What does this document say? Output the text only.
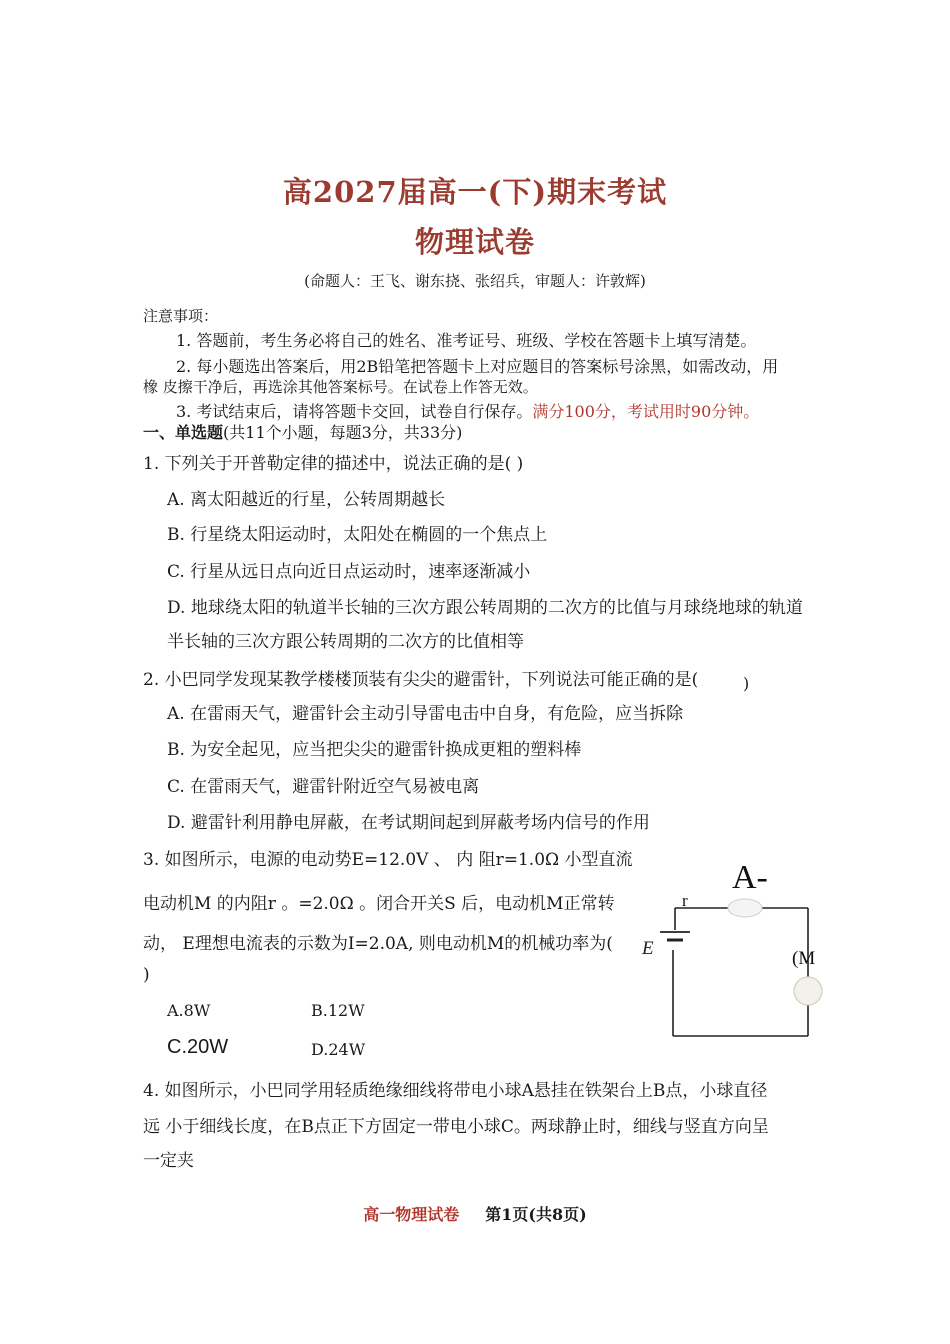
高2027届高一(下)期末考试
物理试卷
(命题人：王飞、谢东挠、张绍兵，审题人：许敦辉)
注意事项：
1. 答题前，考生务必将自己的姓名、准考证号、班级、学校在答题卡上填写清楚。
2. 每小题选出答案后，用2B铅笔把答题卡上对应题目的答案标号涂黑，如需改动，用
橡 皮擦干净后，再选涂其他答案标号。在试卷上作答无效。
3. 考试结束后，请将答题卡交回，试卷自行保存。满分100分，考试用时90分钟。
一、单选题(共11个小题，每题3分，共33分)
1. 下列关于开普勒定律的描述中，说法正确的是( )
A. 离太阳越近的行星，公转周期越长
B. 行星绕太阳运动时，太阳处在椭圆的一个焦点上
C. 行星从远日点向近日点运动时，速率逐渐减小
D. 地球绕太阳的轨道半长轴的三次方跟公转周期的二次方的比值与月球绕地球的轨道
半长轴的三次方跟公转周期的二次方的比值相等
2. 小巴同学发现某教学楼楼顶装有尖尖的避雷针，下列说法可能正确的是(	)
A. 在雷雨天气，避雷针会主动引导雷电击中自身，有危险，应当拆除
B. 为安全起见，应当把尖尖的避雷针换成更粗的塑料棒
C. 在雷雨天气，避雷针附近空气易被电离
D. 避雷针利用静电屏蔽，在考试期间起到屏蔽考场内信号的作用
3. 如图所示，电源的电动势E=12.0V 、 内 阻r=1.0Ω 小型直流
电动机M 的内阻r 。=2.0Ω 。闭合开关S 后，电动机M正常转
动， E理想电流表的示数为I=2.0A, 则电动机M的机械功率为(
)
A.8W	B.12W
C.20W	D.24W
E
A-
r
(M
4. 如图所示，小巴同学用轻质绝缘细线将带电小球A悬挂在铁架台上B点，小球直径
远 小于细线长度，在B点正下方固定一带电小球C。两球静止时，细线与竖直方向呈
一定夹
高一物理试卷 第1页(共8页)
